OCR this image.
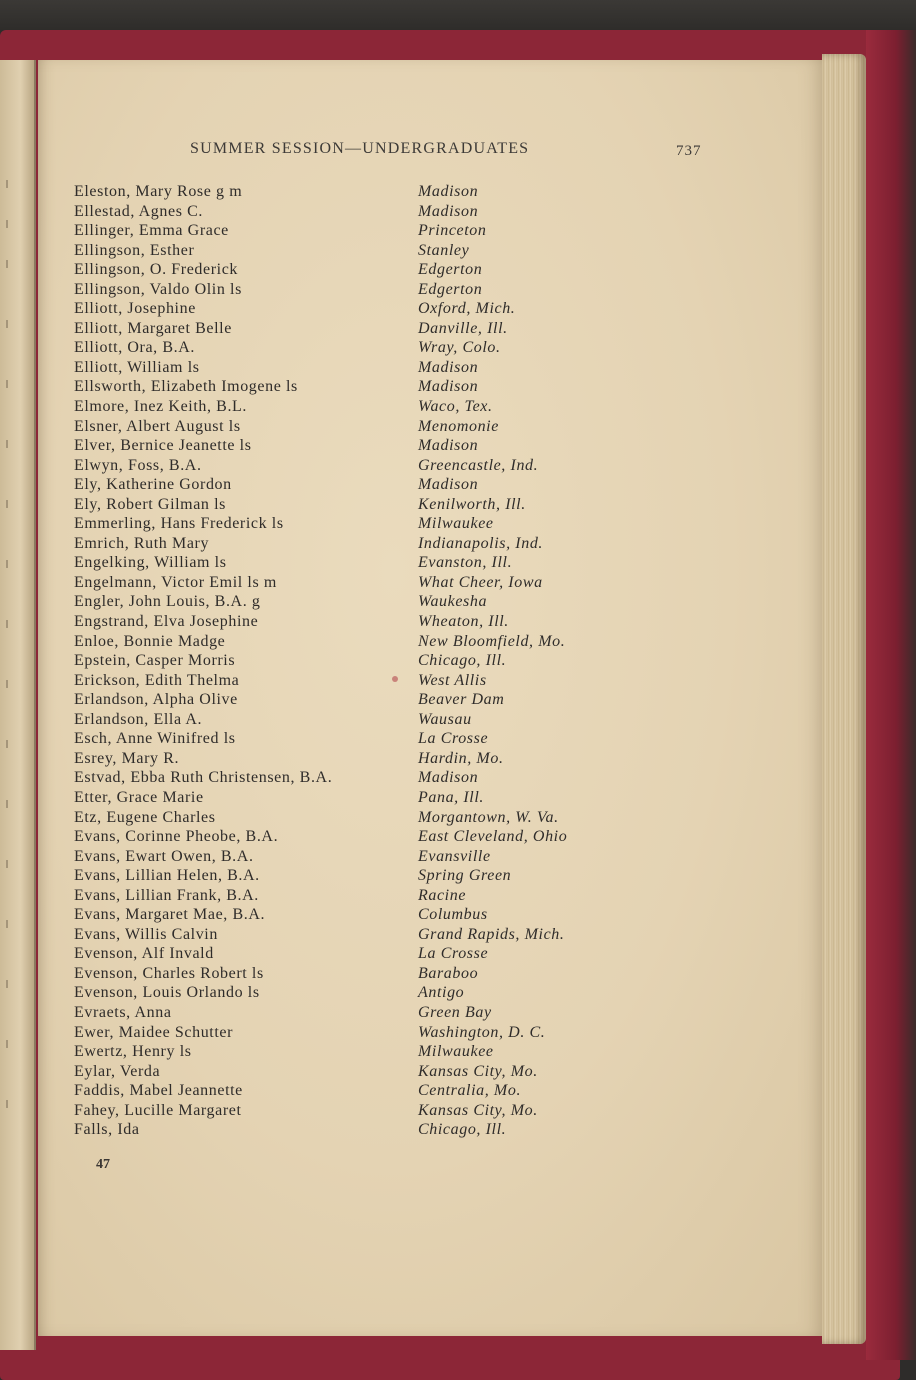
SUMMER SESSION—UNDERGRADUATES	737
Eleston, Mary Rose g m	Madison
Ellestad, Agnes C.	Madison
Ellinger, Emma Grace	Princeton
Ellingson, Esther	Stanley
Ellingson, O. Frederick	Edgerton
Ellingson, Valdo Olin ls	Edgerton
Elliott, Josephine	Oxford, Mich.
Elliott, Margaret Belle	Danville, Ill.
Elliott, Ora, B.A.	Wray, Colo.
Elliott, William ls	Madison
Ellsworth, Elizabeth Imogene ls	Madison
Elmore, Inez Keith, B.L.	Waco, Tex.
Elsner, Albert August ls	Menomonie
Elver, Bernice Jeanette ls	Madison
Elwyn, Foss, B.A.	Greencastle, Ind.
Ely, Katherine Gordon	Madison
Ely, Robert Gilman ls	Kenilworth, Ill.
Emmerling, Hans Frederick ls	Milwaukee
Emrich, Ruth Mary	Indianapolis, Ind.
Engelking, William ls	Evanston, Ill.
Engelmann, Victor Emil ls m	What Cheer, Iowa
Engler, John Louis, B.A. g	Waukesha
Engstrand, Elva Josephine	Wheaton, Ill.
Enloe, Bonnie Madge	New Bloomfield, Mo.
Epstein, Casper Morris	Chicago, Ill.
Erickson, Edith Thelma	West Allis
Erlandson, Alpha Olive	Beaver Dam
Erlandson, Ella A.	Wausau
Esch, Anne Winifred ls	La Crosse
Esrey, Mary R.	Hardin, Mo.
Estvad, Ebba Ruth Christensen, B.A.	Madison
Etter, Grace Marie	Pana, Ill.
Etz, Eugene Charles	Morgantown, W. Va.
Evans, Corinne Pheobe, B.A.	East Cleveland, Ohio
Evans, Ewart Owen, B.A.	Evansville
Evans, Lillian Helen, B.A.	Spring Green
Evans, Lillian Frank, B.A.	Racine
Evans, Margaret Mae, B.A.	Columbus
Evans, Willis Calvin	Grand Rapids, Mich.
Evenson, Alf Invald	La Crosse
Evenson, Charles Robert ls	Baraboo
Evenson, Louis Orlando ls	Antigo
Evraets, Anna	Green Bay
Ewer, Maidee Schutter	Washington, D. C.
Ewertz, Henry ls	Milwaukee
Eylar, Verda	Kansas City, Mo.
Faddis, Mabel Jeannette	Centralia, Mo.
Fahey, Lucille Margaret	Kansas City, Mo.
Falls, Ida	Chicago, Ill.
47
